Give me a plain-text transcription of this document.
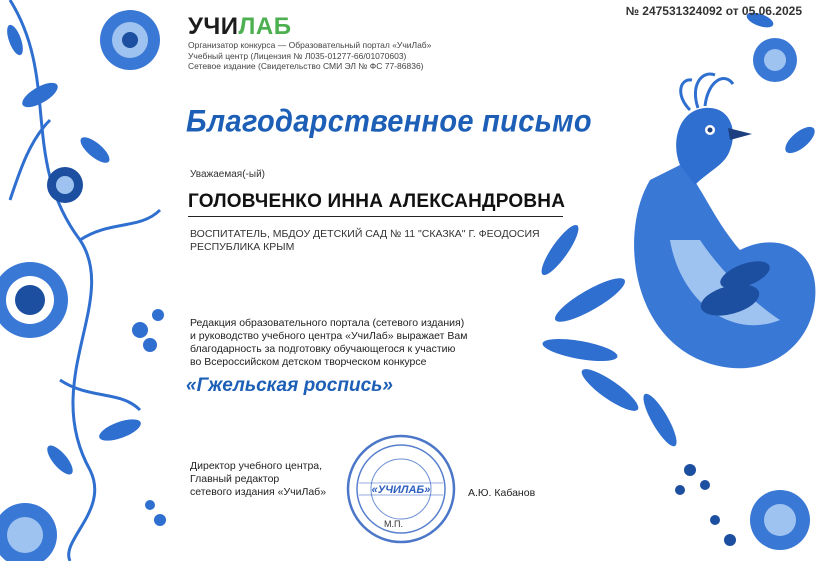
№ 247531324092 от 05.06.2025
УЧИ ЛАБ
Организатор конкурса — Образовательный портал «УчиЛаб»
Учебный центр (Лицензия № Л035-01277-66/01070603)
Сетевое издание (Свидетельство СМИ ЭЛ № ФС 77-86836)
Благодарственное письмо
Уважаемая(-ый)
ГОЛОВЧЕНКО ИННА АЛЕКСАНДРОВНА
ВОСПИТАТЕЛЬ, МБДОУ ДЕТСКИЙ САД № 11 "СКАЗКА" Г. ФЕОДОСИЯ
РЕСПУБЛИКА КРЫМ
Редакция образовательного портала (сетевого издания)
и руководство учебного центра «УчиЛаб» выражает Вам
благодарность за подготовку обучающегося к участию
во Всероссийском детском творческом конкурсе
«Гжельская роспись»
Директор учебного центра,
Главный редактор
сетевого издания «УчиЛаб»	«УЧИЛАБ»
М.П.
А.Ю. Кабанов
